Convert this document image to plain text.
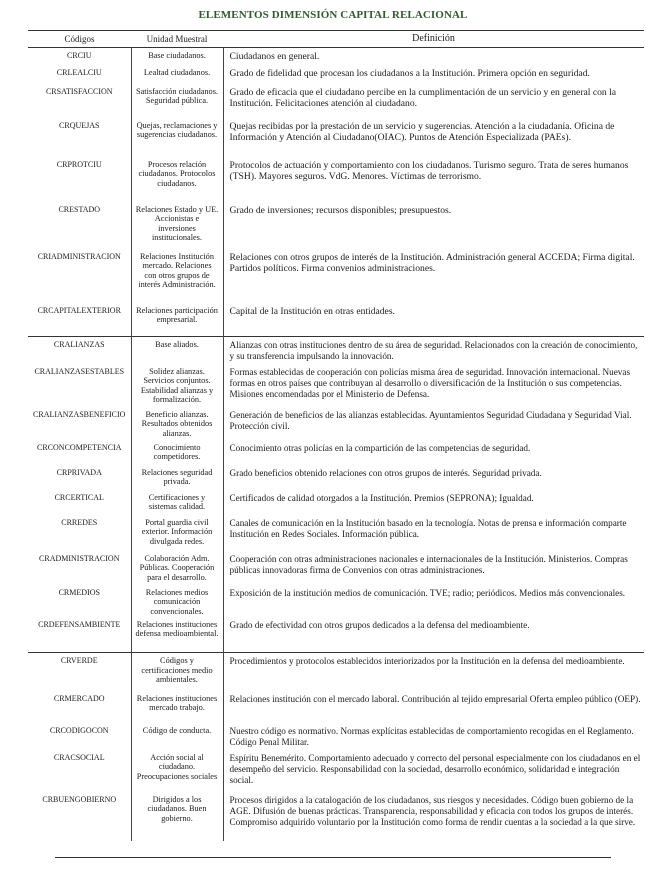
ELEMENTOS DIMENSIÓN CAPITAL RELACIONAL
Códigos	Unidad Muestral	Definición
CRCIU	Base ciudadanos.	Ciudadanos en general.
CRLEALCIU	Lealtad ciudadanos.	Grado de fidelidad que procesan los ciudadanos a la Institución. Primera opción en seguridad.
CRSATISFACCION	Satisfacción ciudadanos. Seguridad pública.	Grado de eficacia que el ciudadano percibe en la cumplimentación de un servicio y en general con la Institución. Felicitaciones atención al ciudadano.
CRQUEJAS	Quejas, reclamaciones y sugerencias ciudadanos.	Quejas recibidas por la prestación de un servicio y sugerencias. Atención a la ciudadanía. Oficina de Información y Atención al Ciudadano(OIAC). Puntos de Atención Especializada (PAEs).
CRPROTCIU	Procesos relación ciudadanos. Protocolos ciudadanos.	Protocolos de actuación y comportamiento con los ciudadanos. Turismo seguro. Trata de seres humanos (TSH). Mayores seguros. VdG. Menores. Víctimas de terrorismo.
CRESTADO	Relaciones Estado y UE. Accionistas e inversiones institucionales.	Grado de inversiones; recursos disponibles; presupuestos.
CRIADMINISTRACION	Relaciones Institución mercado. Relaciones con otros grupos de interés Administración.	Relaciones con otros grupos de interés de la Institución. Administración general ACCEDA; Firma digital. Partidos políticos. Firma convenios administraciones.
CRCAPITALEXTERIOR	Relaciones participación empresarial.	Capital de la Institución en otras entidades.
CRALIANZAS	Base aliados.	Alianzas con otras instituciones dentro de su área de seguridad. Relacionados con la creación de conocimiento, y su transferencia impulsando la innovación.
CRALIANZASESTABLES	Solidez alianzas. Servicios conjuntos. Estabilidad alianzas y formalización.	Formas establecidas de cooperación con policías misma área de seguridad. Innovación internacional. Nuevas formas en otros países que contribuyan al desarrollo o diversificación de la Institución o sus competencias. Misiones encomendadas por el Ministerio de Defensa.
CRALIANZASBENEFICIO	Beneficio alianzas. Resultados obtenidos alianzas.	Generación de beneficios de las alianzas establecidas. Ayuntamientos Seguridad Ciudadana y Seguridad Vial. Protección civil.
CRCONCOMPETENCIA	Conocimiento competidores.	Conocimiento otras policías en la compartición de las competencias de seguridad.
CRPRIVADA	Relaciones seguridad privada.	Grado beneficios obtenido relaciones con otros grupos de interés. Seguridad privada.
CRCERTICAL	Certificaciones y sistemas calidad.	Certificados de calidad otorgados a la Institución. Premios (SEPRONA); Igualdad.
CRREDES	Portal guardia civil exterior. Información divulgada redes.	Canales de comunicación en la Institución basado en la tecnología. Notas de prensa e información comparte Institución en Redes Sociales. Información pública.
CRADMINISTRACION	Colaboración Adm. Públicas. Cooperación para el desarrollo.	Cooperación con otras administraciones nacionales e internacionales de la Institución. Ministerios. Compras públicas innovadoras firma de Convenios con otras administraciones.
CRMEDIOS	Relaciones medios comunicación convencionales.	Exposición de la institución medios de comunicación. TVE; radio; periódicos. Medios más convencionales.
CRDEFENSAMBIENTE	Relaciones instituciones defensa medioambiental.	Grado de efectividad con otros grupos dedicados a la defensa del medioambiente.
CRVERDE	Códigos y certificaciones medio ambientales.	Procedimientos y protocolos establecidos interiorizados por la Institución en la defensa del medioambiente.
CRMERCADO	Relaciones instituciones mercado trabajo.	Relaciones institución con el mercado laboral. Contribución al tejido empresarial Oferta empleo público (OEP).
CRCODIGOCON	Código de conducta.	Nuestro código es normativo. Normas explícitas establecidas de comportamiento recogidas en el Reglamento. Código Penal Militar.
CRACSOCIAL	Acción social al ciudadano. Preocupaciones sociales	Espíritu Benemérito. Comportamiento adecuado y correcto del personal especialmente con los ciudadanos en el desempeño del servicio. Responsabilidad con la sociedad, desarrollo económico, solidaridad e integración social.
CRBUENGOBIERNO	Dirigidos a los ciudadanos. Buen gobierno.	Procesos dirigidos a la catalogación de los ciudadanos, sus riesgos y necesidades. Código buen gobierno de la AGE. Difusión de buenas prácticas. Transparencia, responsabilidad y eficacia con todos los grupos de interés. Compromiso adquirido voluntario por la Institución como forma de rendir cuentas a la sociedad a la que sirve.
